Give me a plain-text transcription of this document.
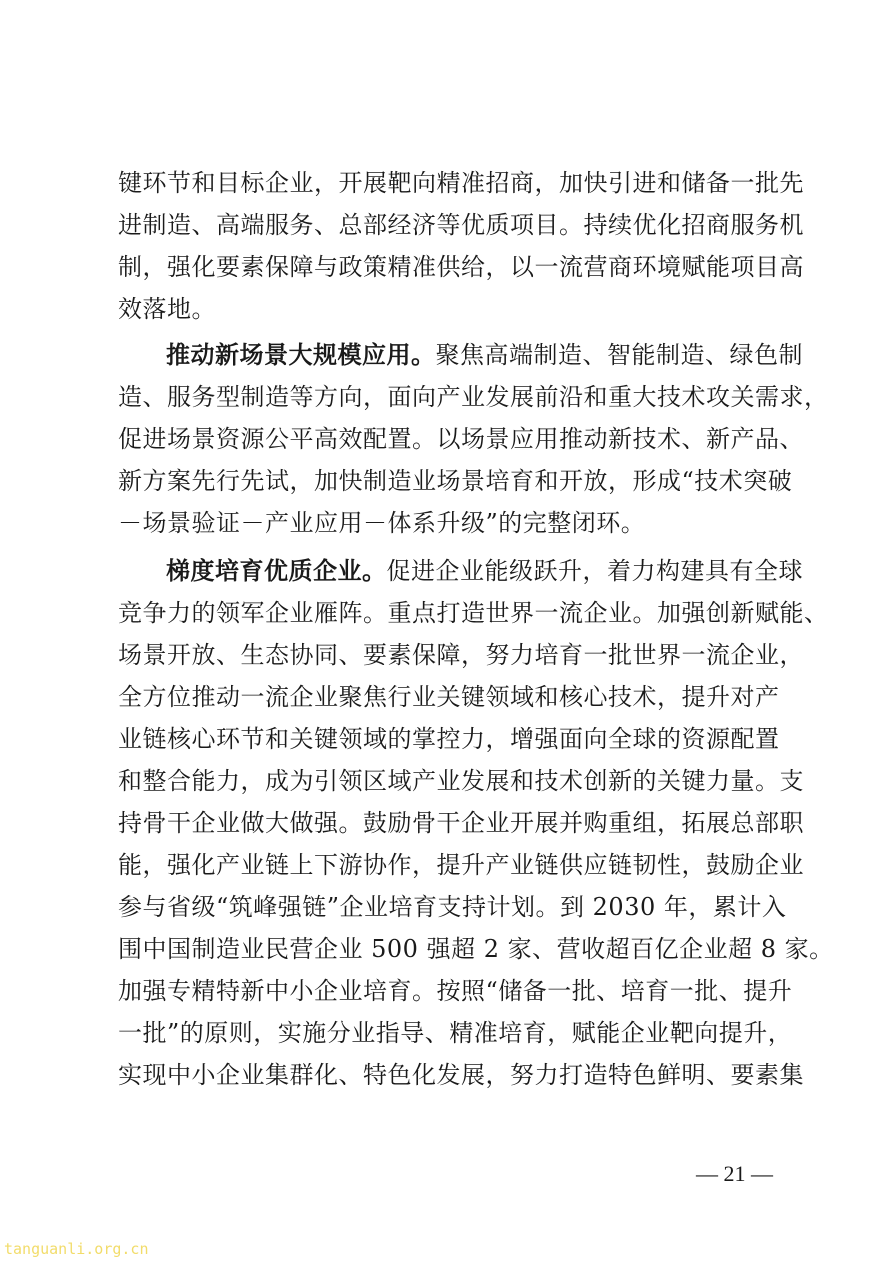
键环节和目标企业，开展靶向精准招商，加快引进和储备一批先
进制造、高端服务、总部经济等优质项目。持续优化招商服务机
制，强化要素保障与政策精准供给，以一流营商环境赋能项目高
效落地。
推动新场景大规模应用。聚焦高端制造、智能制造、绿色制
造、服务型制造等方向，面向产业发展前沿和重大技术攻关需求，
促进场景资源公平高效配置。以场景应用推动新技术、新产品、
新方案先行先试，加快制造业场景培育和开放，形成“技术突破
－场景验证－产业应用－体系升级”的完整闭环。
梯度培育优质企业。促进企业能级跃升，着力构建具有全球
竞争力的领军企业雁阵。重点打造世界一流企业。加强创新赋能、
场景开放、生态协同、要素保障，努力培育一批世界一流企业，
全方位推动一流企业聚焦行业关键领域和核心技术，提升对产
业链核心环节和关键领域的掌控力，增强面向全球的资源配置
和整合能力，成为引领区域产业发展和技术创新的关键力量。支
持骨干企业做大做强。鼓励骨干企业开展并购重组，拓展总部职
能，强化产业链上下游协作，提升产业链供应链韧性，鼓励企业
参与省级“筑峰强链”企业培育支持计划。到 2030 年，累计入
围中国制造业民营企业 500 强超 2 家、营收超百亿企业超 8 家。
加强专精特新中小企业培育。按照“储备一批、培育一批、提升
一批”的原则，实施分业指导、精准培育，赋能企业靶向提升，
实现中小企业集群化、特色化发展，努力打造特色鲜明、要素集
— 21 —
tanguanli.org.cn
